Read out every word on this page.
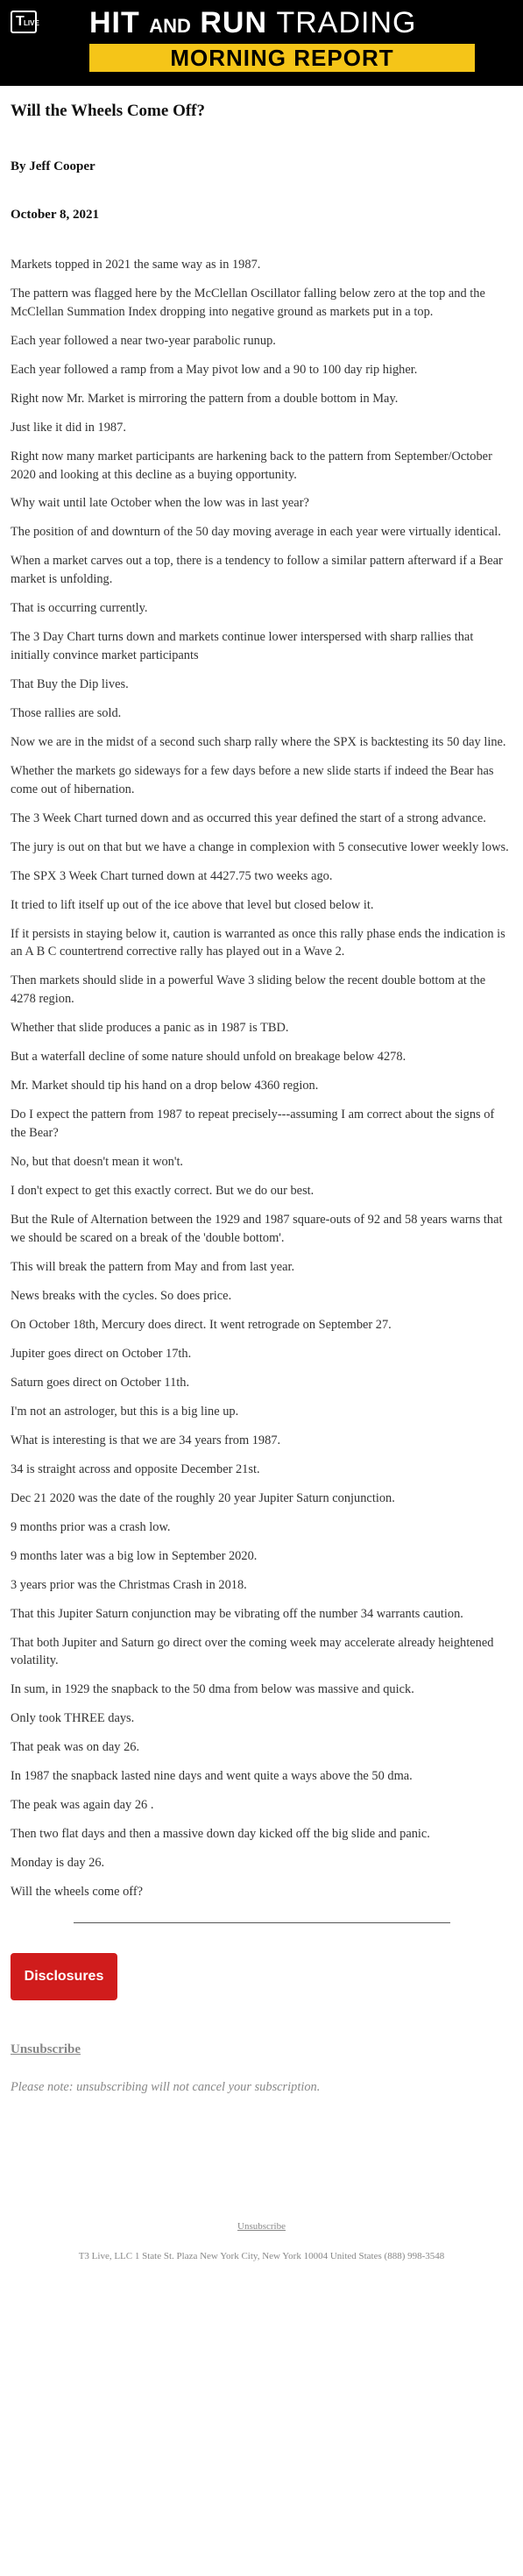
T LIVE HIT AND RUN TRADING
MORNING REPORT
Will the Wheels Come Off?
By Jeff Cooper
October 8, 2021
Markets topped in 2021 the same way as in 1987.
The pattern was flagged here by the McClellan Oscillator falling below zero at the top and the McClellan Summation Index dropping into negative ground as markets put in a top.
Each year followed a near two-year parabolic runup.
Each year followed a ramp from a May pivot low and a 90 to 100 day rip higher.
Right now Mr. Market is mirroring the pattern from a double bottom in May.
Just like it did in 1987.
Right now many market participants are harkening back to the pattern from September/October 2020 and looking at this decline as a buying opportunity.
Why wait until late October when the low was in last year?
The position of and downturn of the 50 day moving average in each year were virtually identical.
When a market carves out a top, there is a tendency to follow a similar pattern afterward if a Bear market is unfolding.
That is occurring currently.
The 3 Day Chart turns down and markets continue lower interspersed with sharp rallies that initially convince market participants
That Buy the Dip lives.
Those rallies are sold.
Now we are in the midst of a second such sharp rally where the SPX is backtesting its 50 day line.
Whether the markets go sideways for a few days before a new slide starts if indeed the Bear has come out of hibernation.
The 3 Week Chart turned down and as occurred this year defined the start of a strong advance.
The jury is out on that but we have a change in complexion with 5 consecutive lower weekly lows.
The SPX 3 Week Chart turned down at 4427.75 two weeks ago.
It tried to lift itself up out of the ice above that level but closed below it.
If it persists in staying below it, caution is warranted as once this rally phase ends the indication is an A B C countertrend corrective rally has played out in a Wave 2.
Then markets should slide in a powerful Wave 3 sliding below the recent double bottom at the 4278 region.
Whether that slide produces a panic as in 1987 is TBD.
But a waterfall decline of some nature should unfold on breakage below 4278.
Mr. Market should tip his hand on a drop below 4360 region.
Do I expect the pattern from 1987 to repeat precisely---assuming I am correct about the signs of the Bear?
No, but that doesn't mean it won't.
I don't expect to get this exactly correct. But we do our best.
But the Rule of Alternation between the 1929 and 1987 square-outs of 92 and 58 years warns that we should be scared on a break of the 'double bottom'.
This will break the pattern from May and from last year.
News breaks with the cycles. So does price.
On October 18th, Mercury does direct. It went retrograde on September 27.
Jupiter goes direct on October 17th.
Saturn goes direct on October 11th.
I'm not an astrologer, but this is a big line up.
What is interesting is that we are 34 years from 1987.
34 is straight across and opposite December 21st.
Dec 21 2020 was the date of the roughly 20 year Jupiter Saturn conjunction.
9 months prior was a crash low.
9 months later was a big low in September 2020.
3 years prior was the Christmas Crash in 2018.
That this Jupiter Saturn conjunction may be vibrating off the number 34 warrants caution.
That both Jupiter and Saturn go direct over the coming week may accelerate already heightened volatility.
In sum, in 1929 the snapback to the 50 dma from below was massive and quick.
Only took THREE days.
That peak was on day 26.
In 1987 the snapback lasted nine days and went quite a ways above the 50 dma.
The peak was again day 26 .
Then two flat days and then a massive down day kicked off the big slide and panic.
Monday is day 26.
Will the wheels come off?
Disclosures
Unsubscribe
Please note: unsubscribing will not cancel your subscription.
Unsubscribe
T3 Live, LLC 1 State St. Plaza New York City, New York 10004 United States (888) 998-3548
